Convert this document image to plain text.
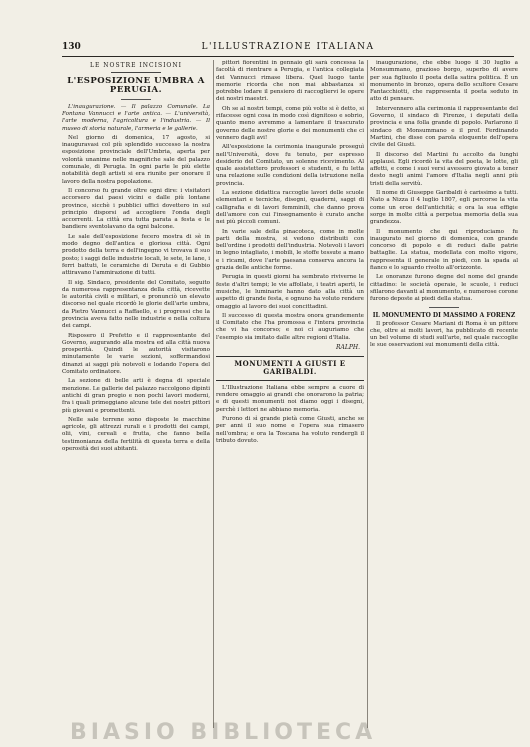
130	L'ILLUSTRAZIONE ITALIANA
LE NOSTRE INCISIONI
L'ESPOSIZIONE UMBRA A PERUGIA.

L'inaugurazione. — Il palazzo Comunale. La Fontana Vannucci e l'arte antica. — L'università, l'arte moderna, l'agricoltura e l'industria. — Il museo di storia naturale, l'armeria e le gallerie.

Nel giorno di domenica, 17 agosto, si inauguravasi col più splendido successo la nostra esposizione provinciale dell'Umbria, aperta per volontà unanime nelle magnifiche sale del palazzo comunale, di Perugia. In ogni parte le più elette notabilità degli artisti si era riunite per onorare il lavoro della nostra popolazione.

Il concorso fu grande oltre ogni dire: i visitatori accorsero dai paesi vicini e dalle più lontane province, sicchè i pubblici uffici dovettero in sul principio disporsi ad accogliere l'onda degli accorrenti. La città era tutta parata a festa e le bandiere sventolavano da ogni balcone.

Le sale dell'esposizione fecero mostra di sè in modo degno dell'antica e gloriosa città. Ogni prodotto della terra e dell'ingegno vi trovava il suo posto; i saggi delle industrie locali, le sete, le lane, i ferri battuti, le ceramiche di Deruta e di Gubbio attiravano l'ammirazione di tutti.

Il sig. Sindaco, presidente del Comitato, seguito da numerosa rappresentanza della città, ricevette le autorità civili e militari, e pronunciò un elevato discorso nel quale ricordò le glorie dell'arte umbra, da Pietro Vannucci a Raffaello, e i progressi che la provincia aveva fatto nelle industrie e nella coltura dei campi.

Risposero il Prefetto e il rappresentante del Governo, augurando alla mostra ed alla città nuova prosperità. Quindi le autorità visitarono minutamente le varie sezioni, soffermandosi dinanzi ai saggi più notevoli e lodando l'opera del Comitato ordinatore.

La sezione di belle arti è degna di speciale menzione. Le gallerie del palazzo raccolgono dipinti antichi di gran pregio e non pochi lavori moderni, fra i quali primeggiano alcune tele dei nostri pittori più giovani e promettenti.

Nelle sale terrene sono disposte le macchine agricole, gli attrezzi rurali e i prodotti dei campi, olii, vini, cereali e frutta, che fanno bella testimonianza della fertilità di questa terra e della operosità dei suoi abitanti.

pittori fiorentini in gennaio gli sarà concessa la facoltà di rientrare a Perugia, e l'antica collegiata dei Vannucci rimase libera. Quel luogo tante memorie ricorda che non mai abbastanza si potrebbe lodare il pensiero di raccogliervi le opere dei nostri maestri.

Oh se al nostri tempi, come più volte si è detto, si rifacesse ogni cosa in modo così dignitoso e sobrio, quanto meno avremmo a lamentare il trascurato governo delle nostre glorie e dei monumenti che ci vennero dagli avi!

All'esposizione la cerimonia inaugurale proseguì nell'Università, dove fu tenuto, per espresso desiderio del Comitato, un solenne ricevimento. Al quale assistettero professori e studenti, e fu letta una relazione sulle condizioni della istruzione nella provincia.

La sezione didattica raccoglie lavori delle scuole elementari e tecniche, disegni, quaderni, saggi di calligrafia e di lavori femminili, che danno prova dell'amore con cui l'insegnamento è curato anche nei più piccoli comuni.

In varie sale della pinacoteca, come in molte parti della mostra, si vedono distribuiti con bell'ordine i prodotti dell'industria. Notevoli i lavori in legno intagliato, i mobili, le stoffe tessute a mano e i ricami, dove l'arte paesana conserva ancora la grazia delle antiche forme.

Perugia in questi giorni ha sembrato riviverne le feste d'altri tempi; le vie affollate, i teatri aperti, le musiche, le luminarie hanno dato alla città un aspetto di grande festa, e ognuno ha voluto rendere omaggio al lavoro dei suoi concittadini.

Il successo di questa mostra onora grandemente il Comitato che l'ha promossa e l'intera provincia che vi ha concorso; e noi ci auguriamo che l'esempio sia imitato dalle altre regioni d'Italia.

RALPH.
MONUMENTI A GIUSTI E GARIBALDI.

L'Illustrazione Italiana ebbe sempre a cuore di rendere omaggio ai grandi che onorarono la patria; e di questi monumenti noi diamo oggi i disegni, perchè i lettori ne abbiano memoria.

Furono di sì grande pietà come Giusti, anche se per anni il suo nome e l'opera sua rimasero nell'ombra; e ora la Toscana ha voluto rendergli il tributo dovuto.

inaugurazione, che ebbe luogo il 30 luglio a Monsummano, grazioso borgo, superbo di avere per sua figliuolo il poeta della satira politica. È un monumento in bronzo, opera dello scultore Cesare Fantacchiotti, che rappresenta il poeta seduto in atto di pensare.

Intervennero alla cerimonia il rappresentante del Governo, il sindaco di Firenze, i deputati della provincia e una folla grande di popolo. Parlarono il sindaco di Monsummano e il prof. Ferdinando Martini, che disse con parola eloquente dell'opera civile del Giusti.

Il discorso del Martini fu accolto da lunghi applausi. Egli ricordò la vita del poeta, le lotte, gli affetti, e come i suoi versi avessero giovato a tener desto negli animi l'amore d'Italia negli anni più tristi della servitù.

Il nome di Giuseppe Garibaldi è carissimo a tutti. Nato a Nizza il 4 luglio 1807, egli percorse la vita come un eroe dell'antichità; e ora la sua effigie sorge in molte città a perpetua memoria della sua grandezza.

Il monumento che qui riproduciamo fu inaugurato nel giorno di domenica, con grande concorso di popolo e di reduci dalle patrie battaglie. La statua, modellata con molto vigore, rappresenta il generale in piedi, con la spada al fianco e lo sguardo rivolto all'orizzonte.

Le onoranze furono degne del nome del grande cittadino: le società operaie, le scuole, i reduci sfilarono davanti al monumento, e numerose corone furono deposte ai piedi della statua.

IL MONUMENTO DI MASSIMO A FORENZ

Il professor Cesare Mariani di Roma è un pittore che, oltre ai molti lavori, ha pubblicato di recente un bel volume di studi sull'arte, nel quale raccoglie le sue osservazioni sui monumenti della città.

BIASIO BIBLIOTECA
